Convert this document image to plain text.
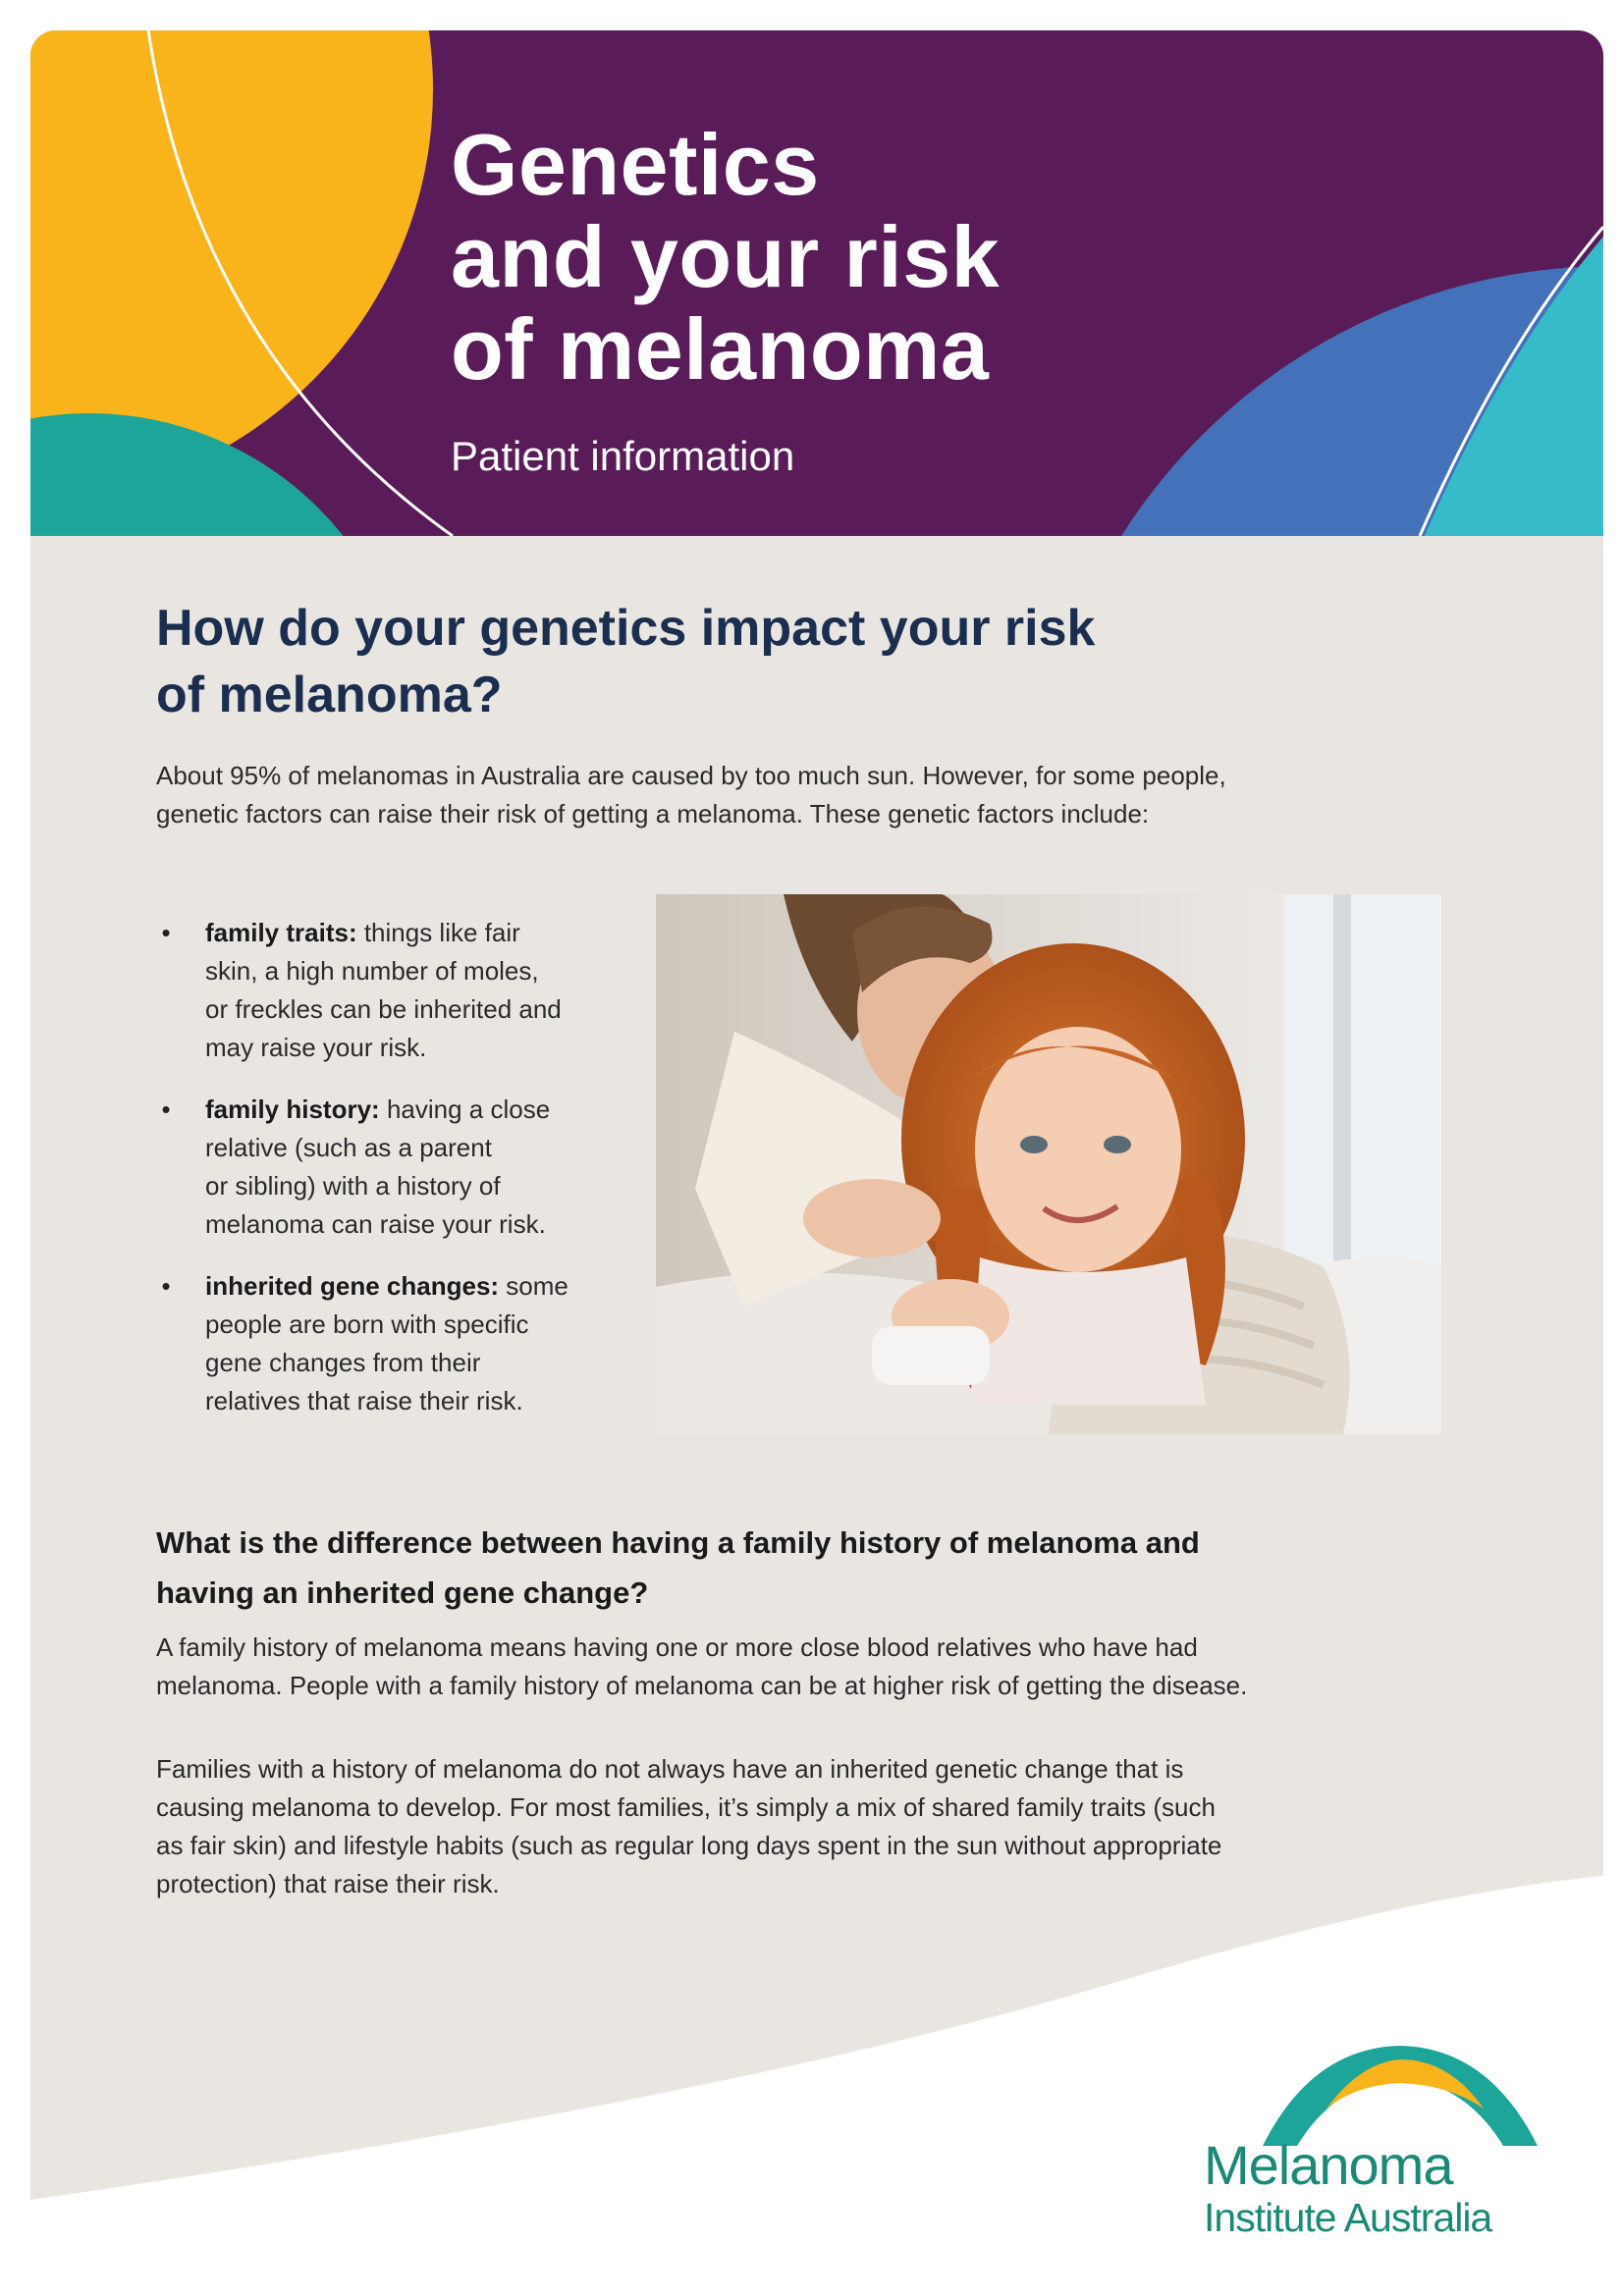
Genetics
and your risk
of melanoma
Patient information
How do your genetics impact your risk
of melanoma?

About 95% of melanomas in Australia are caused by too much sun. However, for some people,
genetic factors can raise their risk of getting a melanoma. These genetic factors include:

• family traits: things like fair
skin, a high number of moles,
or freckles can be inherited and
may raise your risk.
• family history: having a close
relative (such as a parent
or sibling) with a history of
melanoma can raise your risk.
• inherited gene changes: some
people are born with specific
gene changes from their
relatives that raise their risk.
What is the difference between having a family history of melanoma and
having an inherited gene change?

A family history of melanoma means having one or more close blood relatives who have had
melanoma. People with a family history of melanoma can be at higher risk of getting the disease.

Families with a history of melanoma do not always have an inherited genetic change that is
causing melanoma to develop. For most families, it’s simply a mix of shared family traits (such
as fair skin) and lifestyle habits (such as regular long days spent in the sun without appropriate
protection) that raise their risk.

Melanoma
Institute Australia
